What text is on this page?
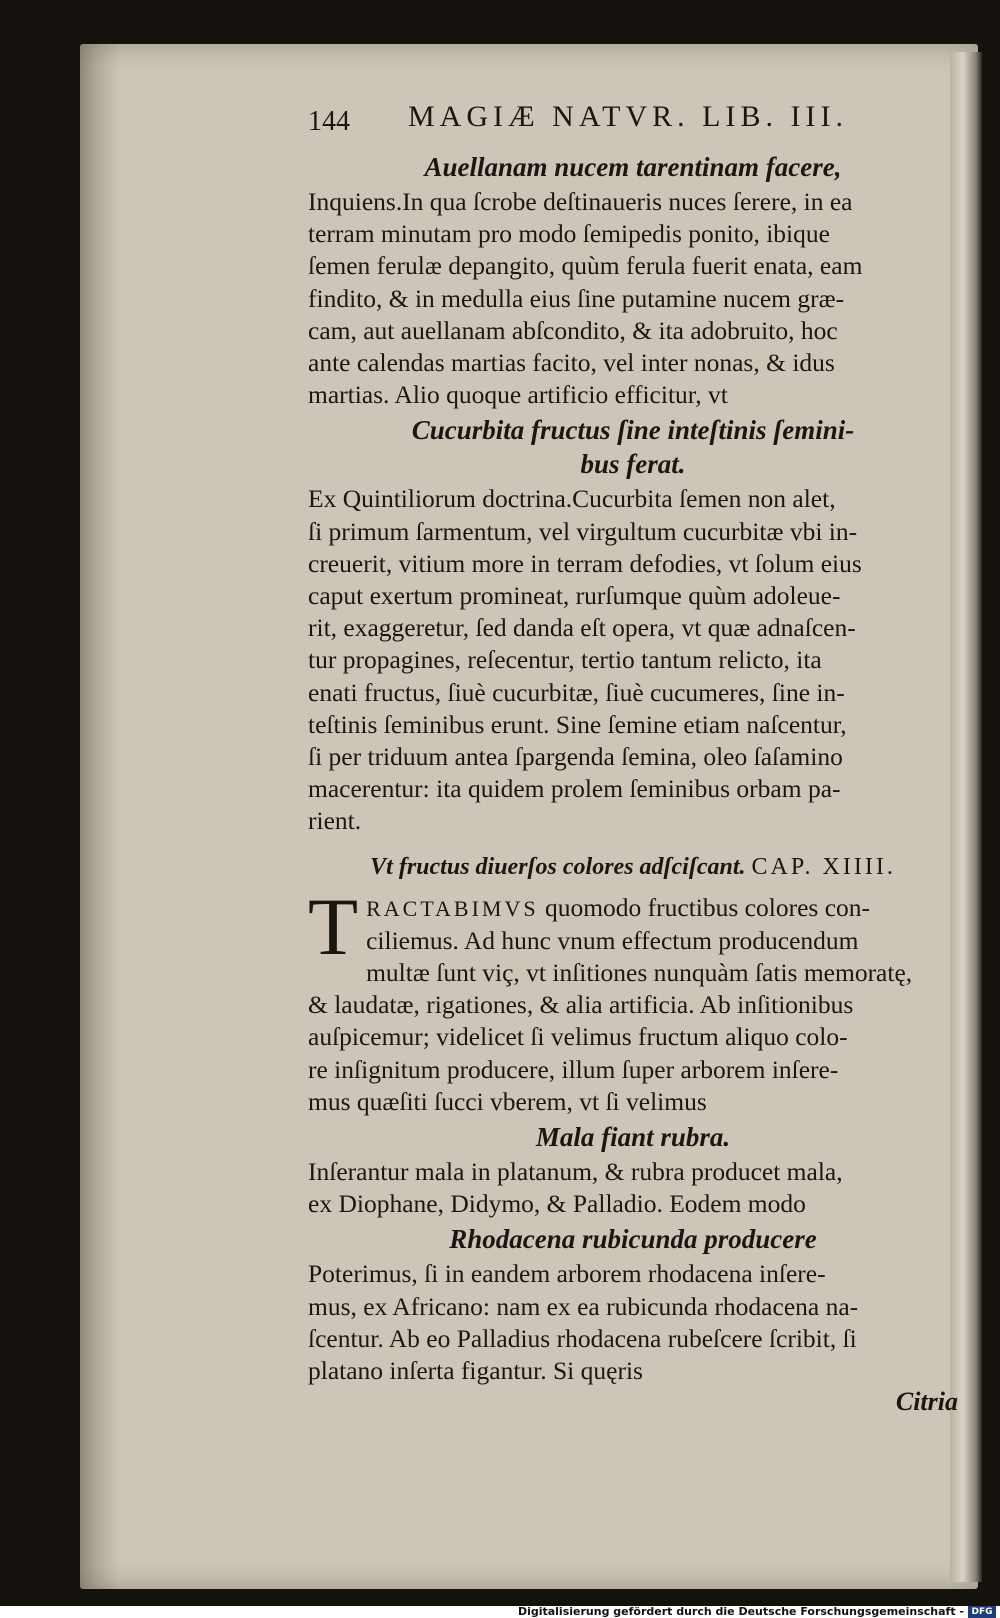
144 MAGIÆ NATVR. LIB. III.
Auellanam nucem tarentinam facere,

Inquiens.In qua ſcrobe deſtinaueris nuces ſerere, in ea
terram minutam pro modo ſemipedis ponito, ibique
ſemen ferulæ depangito, quùm ferula fuerit enata, eam
findito, & in medulla eius ſine putamine nucem græ-
cam, aut auellanam abſcondito, & ita adobruito, hoc
ante calendas martias facito, vel inter nonas, & idus
martias. Alio quoque artificio efficitur, vt

Cucurbita fructus ſine inteſtinis ſemini-
bus ferat.

Ex Quintiliorum doctrina.Cucurbita ſemen non alet,
ſi primum ſarmentum, vel virgultum cucurbitæ vbi in-
creuerit, vitium more in terram defodies, vt ſolum eius
caput exertum promineat, rurſumque quùm adoleue-
rit, exaggeretur, ſed danda eſt opera, vt quæ adnaſcen-
tur propagines, reſecentur, tertio tantum relicto, ita
enati fructus, ſiuè cucurbitæ, ſiuè cucumeres, ſine in-
teſtinis ſeminibus erunt. Sine ſemine etiam naſcentur,
ſi per triduum antea ſpargenda ſemina, oleo ſaſamino
macerentur: ita quidem prolem ſeminibus orbam pa-
rient.

Vt fructus diuerſos colores adſciſcant. CAP. XIIII.

T RACTABIMVS quomodo fructibus colores con-
ciliemus. Ad hunc vnum effectum producendum
multæ ſunt viç, vt inſitiones nunquàm ſatis memoratę,
& laudatæ, rigationes, & alia artificia. Ab inſitionibus
auſpicemur; videlicet ſi velimus fructum aliquo colo-
re inſignitum producere, illum ſuper arborem inſere-
mus quæſiti ſucci vberem, vt ſi velimus

Mala fiant rubra.

Inſerantur mala in platanum, & rubra producet mala,
ex Diophane, Didymo, & Palladio. Eodem modo

Rhodacena rubicunda producere

Poterimus, ſi in eandem arborem rhodacena inſere-
mus, ex Africano: nam ex ea rubicunda rhodacena na-
ſcentur. Ab eo Palladius rhodacena rubeſcere ſcribit, ſi
platano inſerta figantur. Si quęris

Citria
Digitalisierung gefördert durch die Deutsche Forschungsgemeinschaft - DFG
